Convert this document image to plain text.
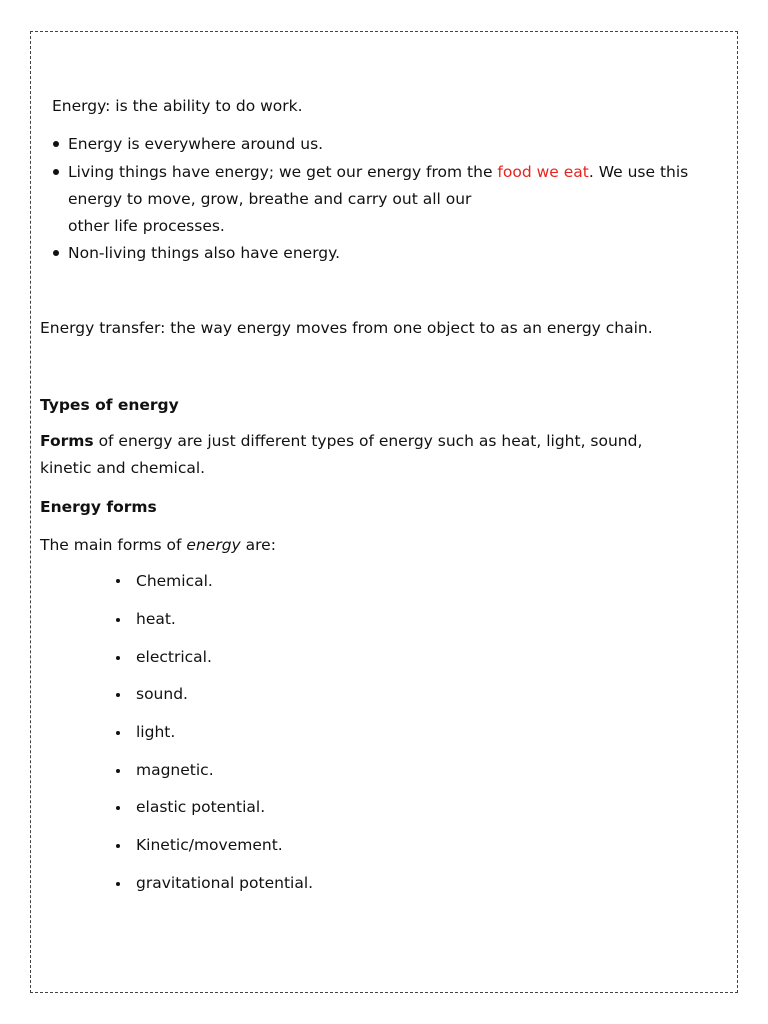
Energy: is the ability to do work.
Energy is everywhere around us.
Living things have energy; we get our energy from the food we eat. We use this
energy to move, grow, breathe and carry out all our
other life processes.
Non-living things also have energy.
Energy transfer: the way energy moves from one object to as an energy chain.
Types of energy
Forms of energy are just different types of energy such as heat, light, sound,
kinetic and chemical.
Energy forms
The main forms of energy are:
Chemical.
heat.
electrical.
sound.
light.
magnetic.
elastic potential.
Kinetic/movement.
gravitational potential.
